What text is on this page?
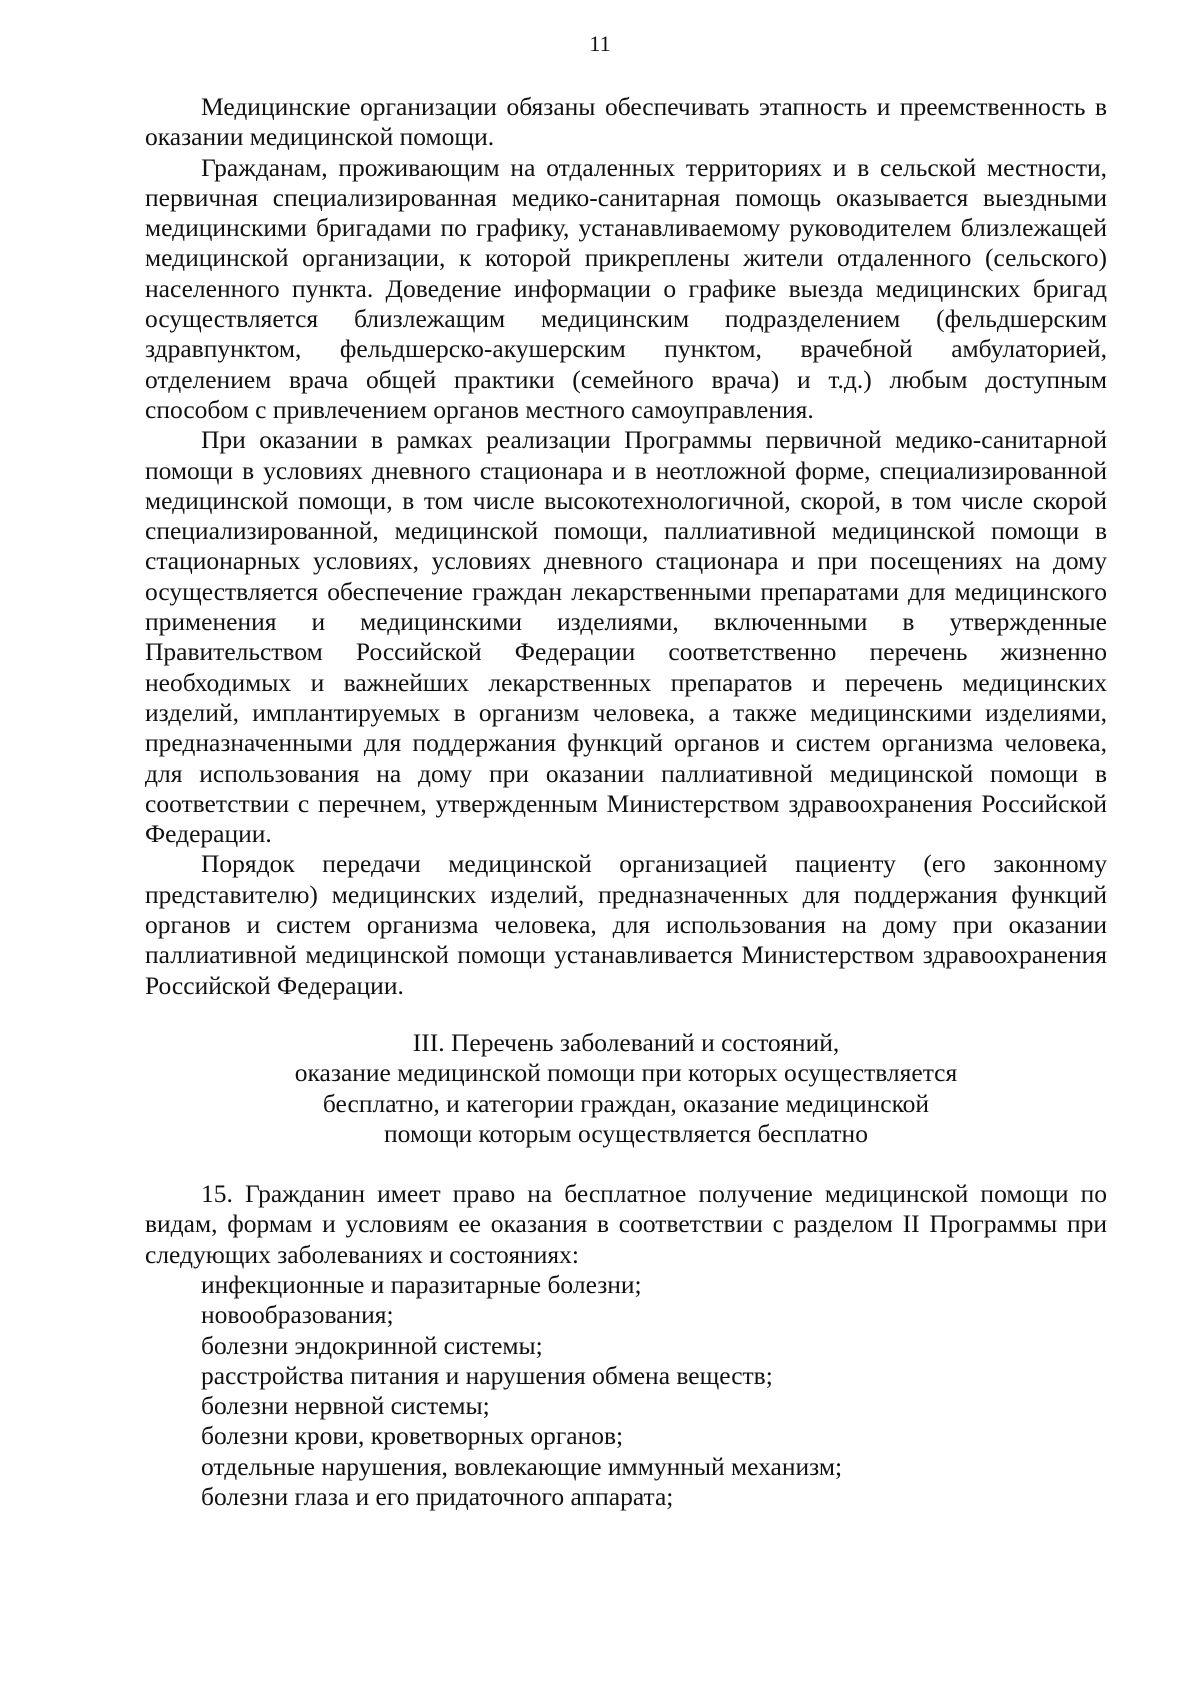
11

Медицинские организации обязаны обеспечивать этапность и преемственность в оказании медицинской помощи.

Гражданам, проживающим на отдаленных территориях и в сельской местности, первичная специализированная медико-санитарная помощь оказывается выездными медицинскими бригадами по графику, устанавливаемому руководителем близлежащей медицинской организации, к которой прикреплены жители отдаленного (сельского) населенного пункта. Доведение информации о графике выезда медицинских бригад осуществляется близлежащим медицинским подразделением (фельдшерским здравпунктом, фельдшерско-акушерским пунктом, врачебной амбулаторией, отделением врача общей практики (семейного врача) и т.д.) любым доступным способом с привлечением органов местного самоуправления.

При оказании в рамках реализации Программы первичной медико-санитарной помощи в условиях дневного стационара и в неотложной форме, специализированной медицинской помощи, в том числе высокотехнологичной, скорой, в том числе скорой специализированной, медицинской помощи, паллиативной медицинской помощи в стационарных условиях, условиях дневного стационара и при посещениях на дому осуществляется обеспечение граждан лекарственными препаратами для медицинского применения и медицинскими изделиями, включенными в утвержденные Правительством Российской Федерации соответственно перечень жизненно необходимых и важнейших лекарственных препаратов и перечень медицинских изделий, имплантируемых в организм человека, а также медицинскими изделиями, предназначенными для поддержания функций органов и систем организма человека, для использования на дому при оказании паллиативной медицинской помощи в соответствии с перечнем, утвержденным Министерством здравоохранения Российской Федерации.

Порядок передачи медицинской организацией пациенту (его законному представителю) медицинских изделий, предназначенных для поддержания функций органов и систем организма человека, для использования на дому при оказании паллиативной медицинской помощи устанавливается Министерством здравоохранения Российской Федерации.

III. Перечень заболеваний и состояний,
оказание медицинской помощи при которых осуществляется
бесплатно, и категории граждан, оказание медицинской
помощи которым осуществляется бесплатно

15. Гражданин имеет право на бесплатное получение медицинской помощи по видам, формам и условиям ее оказания в соответствии с разделом II Программы при следующих заболеваниях и состояниях:

инфекционные и паразитарные болезни;
новообразования;
болезни эндокринной системы;
расстройства питания и нарушения обмена веществ;
болезни нервной системы;
болезни крови, кроветворных органов;
отдельные нарушения, вовлекающие иммунный механизм;
болезни глаза и его придаточного аппарата;
